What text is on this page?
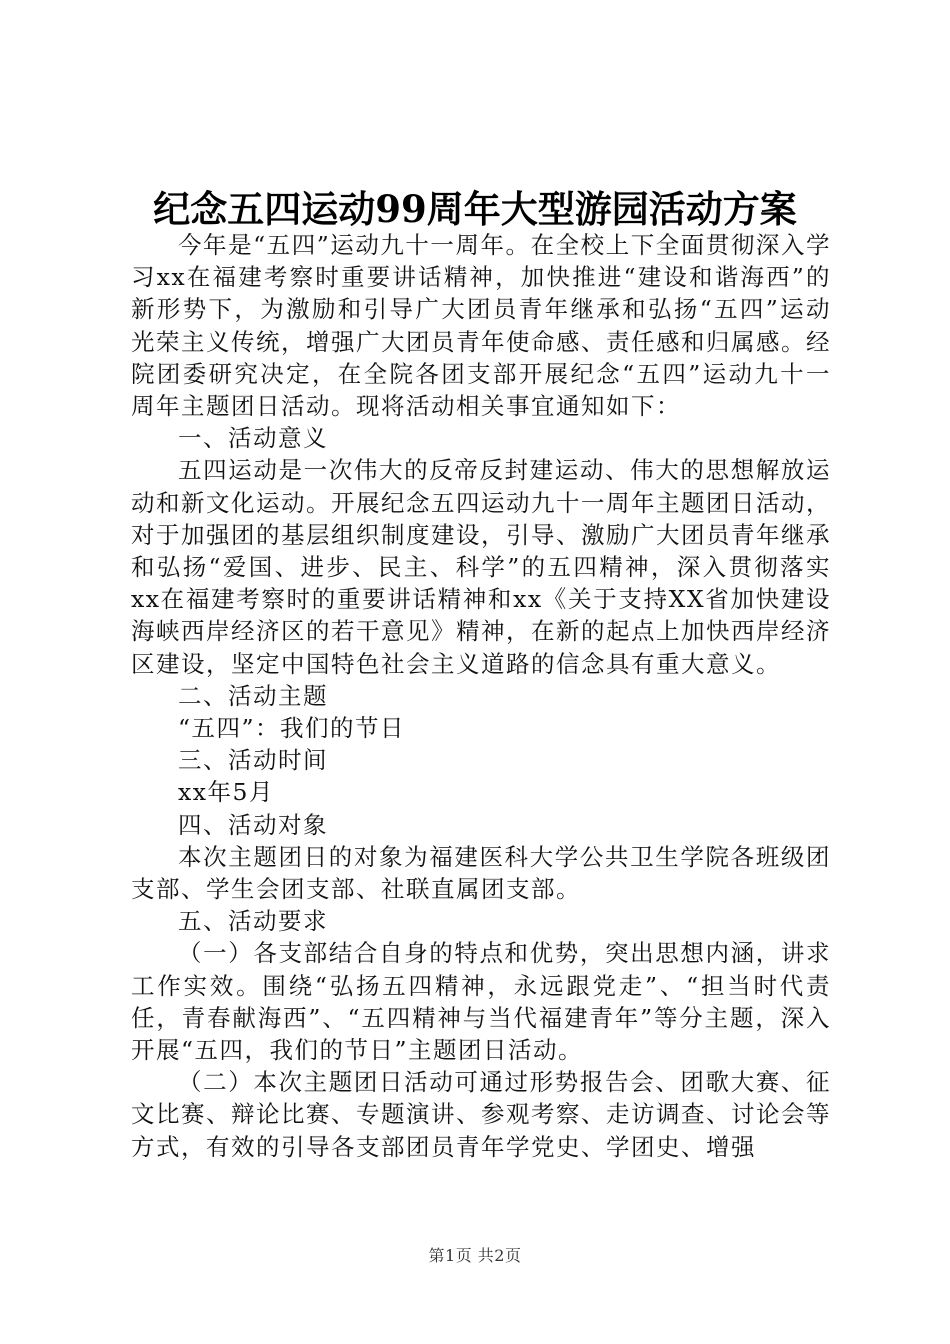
纪念五四运动99周年大型游园活动方案

今年是“五四”运动九十一周年。在全校上下全面贯彻深入学习xx在福建考察时重要讲话精神，加快推进“建设和谐海西”的新形势下，为激励和引导广大团员青年继承和弘扬“五四”运动光荣主义传统，增强广大团员青年使命感、责任感和归属感。经院团委研究决定，在全院各团支部开展纪念“五四”运动九十一周年主题团日活动。现将活动相关事宜通知如下：

一、活动意义

五四运动是一次伟大的反帝反封建运动、伟大的思想解放运动和新文化运动。开展纪念五四运动九十一周年主题团日活动，对于加强团的基层组织制度建设，引导、激励广大团员青年继承和弘扬“爱国、进步、民主、科学”的五四精神，深入贯彻落实xx在福建考察时的重要讲话精神和xx《关于支持XX省加快建设海峡西岸经济区的若干意见》精神，在新的起点上加快西岸经济区建设，坚定中国特色社会主义道路的信念具有重大意义。

二、活动主题

“五四”：我们的节日

三、活动时间

xx年5月

四、活动对象

本次主题团日的对象为福建医科大学公共卫生学院各班级团支部、学生会团支部、社联直属团支部。

五、活动要求

（一）各支部结合自身的特点和优势，突出思想内涵，讲求工作实效。围绕“弘扬五四精神，永远跟党走”、“担当时代责任，青春献海西”、“五四精神与当代福建青年”等分主题，深入开展“五四，我们的节日”主题团日活动。

（二）本次主题团日活动可通过形势报告会、团歌大赛、征文比赛、辩论比赛、专题演讲、参观考察、走访调查、讨论会等方式，有效的引导各支部团员青年学党史、学团史、增强

第1页 共2页
